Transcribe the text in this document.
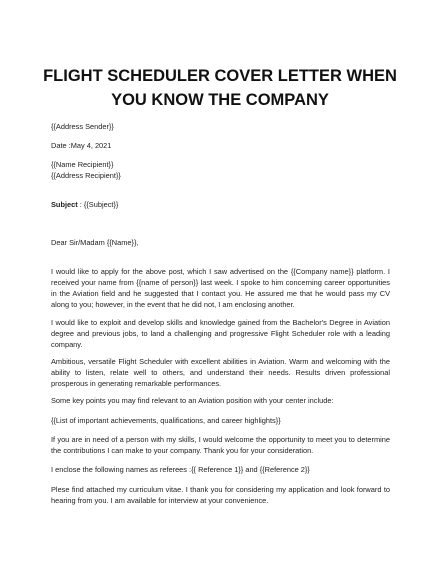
FLIGHT SCHEDULER COVER LETTER WHEN
YOU KNOW THE COMPANY

{{Address Sender}}

Date :May 4, 2021

{{Name Recipient}}

{{Address Recipient}}

Subject : {{Subject}}

Dear Sir/Madam {{Name}},

I would like to apply for the above post, which I saw advertised on the {{Company name}} platform. I received your name from {{name of person}} last week. I spoke to him concerning career opportunities in the Aviation field and he suggested that I contact you. He assured me that he would pass my CV along to you; however, in the event that he did not, I am enclosing another.

I would like to exploit and develop skills and knowledge gained from the Bachelor's Degree in Aviation degree and previous jobs, to land a challenging and progressive Flight Scheduler role with a leading company.

Ambitious, versatile Flight Scheduler with excellent abilities in Aviation. Warm and welcoming with the ability to listen, relate well to others, and understand their needs. Results driven professional prosperous in generating remarkable performances.

Some key points you may find relevant to an Aviation position with your center include:

{{List of important achievements, qualifications, and career highlights}}

If you are in need of a person with my skills, I would welcome the opportunity to meet you to determine the contributions I can make to your company. Thank you for your consideration.

I enclose the following names as referees :{{ Reference 1}} and {{Reference 2}}

Plese find attached my curriculum vitae. I thank you for considering my application and look forward to hearing from you. I am available for interview at your convenience.
